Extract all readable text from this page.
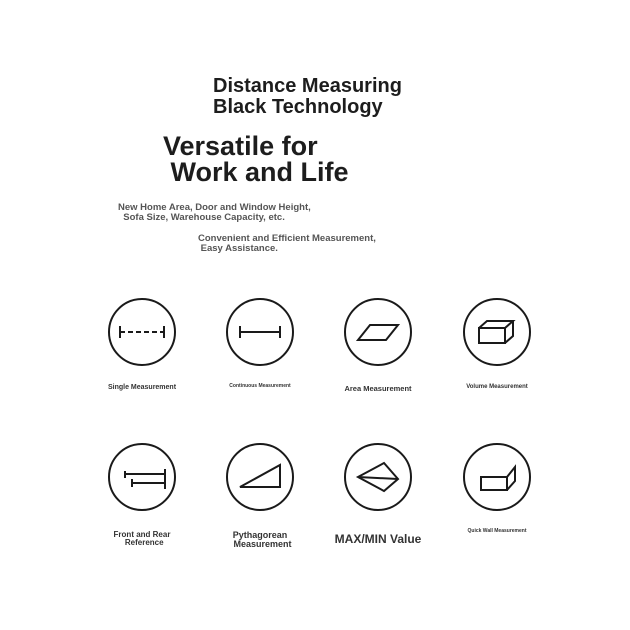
Distance Measuring
Black Technology
Versatile for
Work and Life
New Home Area, Door and Window Height,
Sofa Size, Warehouse Capacity, etc.
Convenient and Efficient Measurement,
Easy Assistance.
Single Measurement	Continuous Measurement	Area Measurement	Volume Measurement
Front and Rear
Reference
Pythagorean
Measurement	MAX/MIN Value
Quick Wall Measurement
